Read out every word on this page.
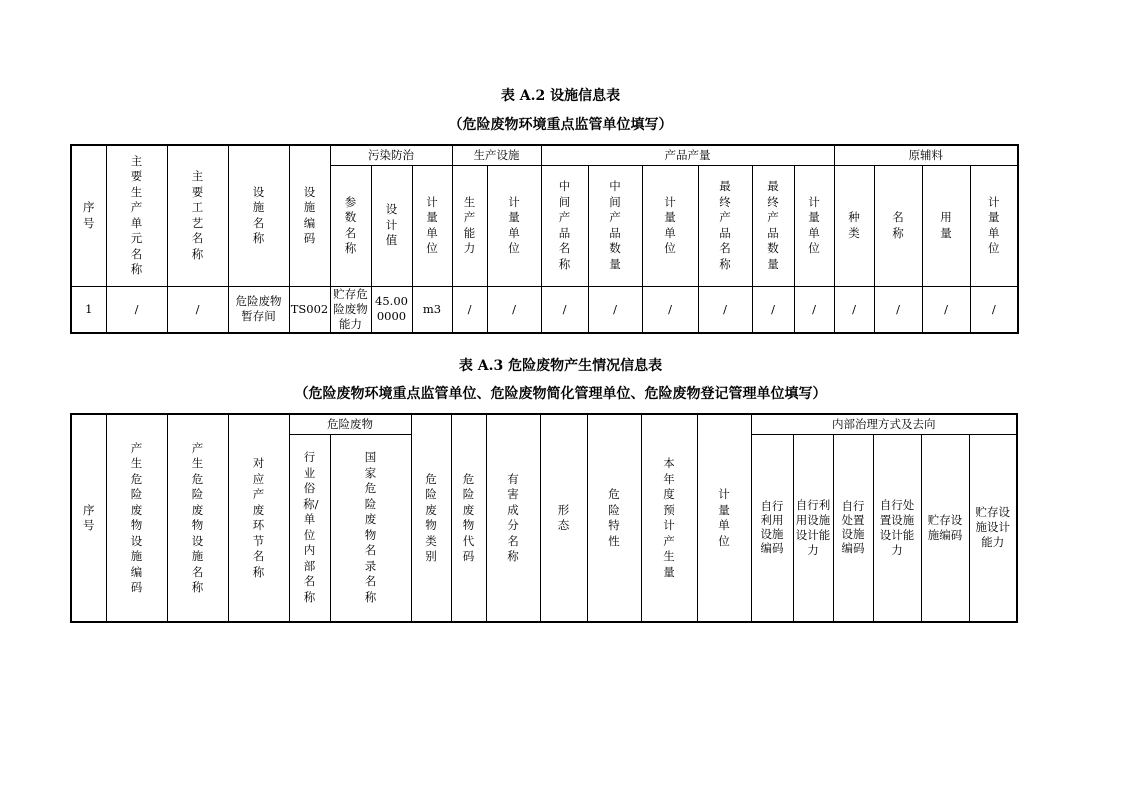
表 A.2 设施信息表
（危险废物环境重点监管单位填写）
序号	主要生产单元名称	主要工艺名称	设施名称	设施编码	污染防治			生产设施		产品产量						原辅料			
					参数名称	设计值	计量单位	生产能力	计量单位	中间产品名称	中间产品数量	计量单位	最终产品名称	最终产品数量	计量单位	种类	名称	用量	计量单位
1	/	/	危险废物暂存间	TS002	贮存危险废物能力	45.000000	m3	/	/	/	/	/	/	/	/	/	/	/	/
表 A.3 危险废物产生情况信息表
（危险废物环境重点监管单位、危险废物简化管理单位、危险废物登记管理单位填写）
序号	产生危险废物设施编码	产生危险废物设施名称	对应产废环节名称	危险废物		危险废物类别	危险废物代码	有害成分名称	形态	危险特性	本年度预计产生量	计量单位	内部治理方式及去向					
				行业俗称/单位内部名称	国家危险废物名录名称								自行利用设施编码	自行利用设施设计能力	自行处置设施编码	自行处置设施设计能力	贮存设施编码	贮存设施设计能力
